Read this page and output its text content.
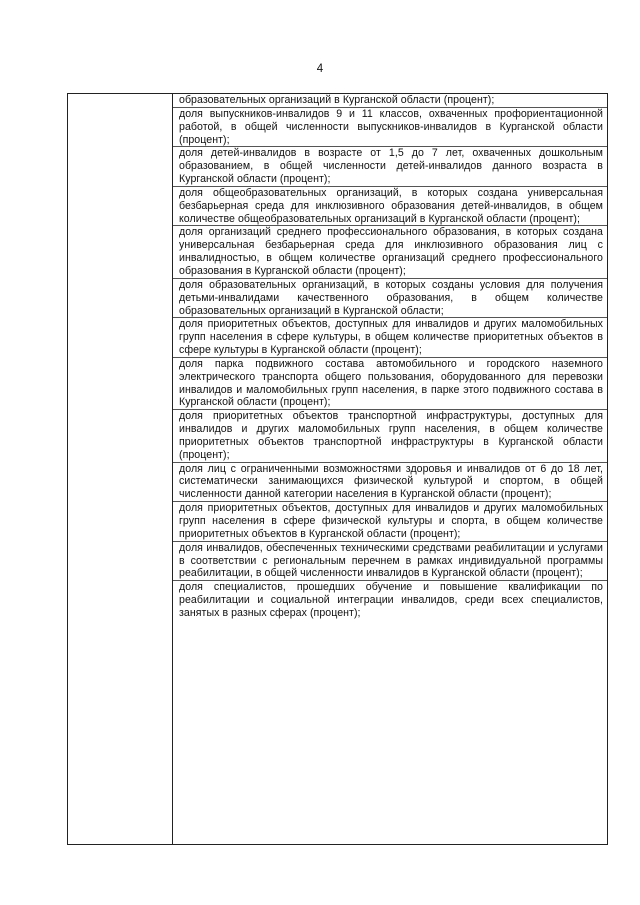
4
образовательных организаций в Курганской области (процент);
доля выпускников-инвалидов 9 и 11 классов, охваченных профориентационной работой, в общей численности выпускников-инвалидов в Курганской области (процент);
доля детей-инвалидов в возрасте от 1,5 до 7 лет, охваченных дошкольным образованием, в общей численности детей-инвалидов данного возраста в Курганской области (процент);
доля общеобразовательных организаций, в которых создана универсальная безбарьерная среда для инклюзивного образования детей-инвалидов, в общем количестве общеобразовательных организаций в Курганской области (процент);
доля организаций среднего профессионального образования, в которых создана универсальная безбарьерная среда для инклюзивного образования лиц с инвалидностью, в общем количестве организаций среднего профессионального образования в Курганской области (процент);
доля образовательных организаций, в которых созданы условия для получения детьми-инвалидами качественного образования, в общем количестве образовательных организаций в Курганской области;
доля приоритетных объектов, доступных для инвалидов и других маломобильных групп населения в сфере культуры, в общем количестве приоритетных объектов в сфере культуры в Курганской области (процент);
доля парка подвижного состава автомобильного и городского наземного электрического транспорта общего пользования, оборудованного для перевозки инвалидов и маломобильных групп населения, в парке этого подвижного состава в Курганской области (процент);
доля приоритетных объектов транспортной инфраструктуры, доступных для инвалидов и других маломобильных групп населения, в общем количестве приоритетных объектов транспортной инфраструктуры в Курганской области (процент);
доля лиц с ограниченными возможностями здоровья и инвалидов от 6 до 18 лет, систематически занимающихся физической культурой и спортом, в общей численности данной категории населения в Курганской области (процент);
доля приоритетных объектов, доступных для инвалидов и других маломобильных групп населения в сфере физической культуры и спорта, в общем количестве приоритетных объектов в Курганской области (процент);
доля инвалидов, обеспеченных техническими средствами реабилитации и услугами в соответствии с региональным перечнем в рамках индивидуальной программы реабилитации, в общей численности инвалидов в Курганской области (процент);
доля специалистов, прошедших обучение и повышение квалификации по реабилитации и социальной интеграции инвалидов, среди всех специалистов, занятых в разных сферах (процент);
